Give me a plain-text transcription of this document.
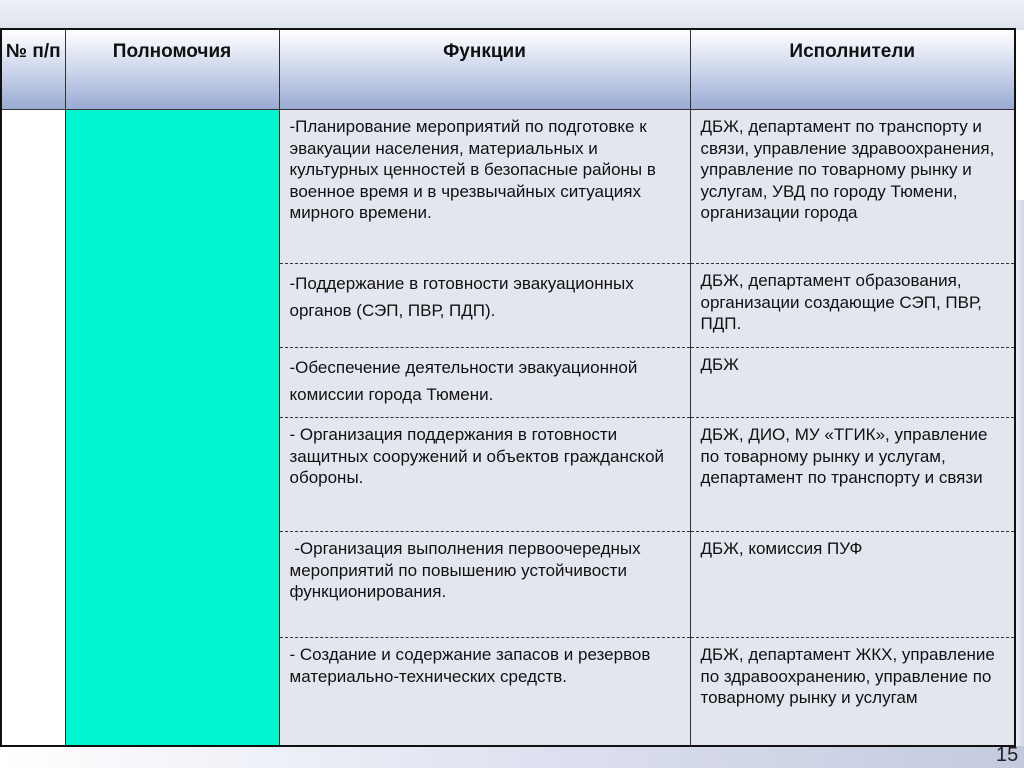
№ п/п	Полномочия	Функции	Исполнители
		-Планирование мероприятий по подготовке к эвакуации населения, материальных и культурных ценностей в безопасные районы в военное время и в чрезвычайных ситуациях мирного времени.	ДБЖ, департамент по транспорту и связи, управление здравоохранения, управление по товарному рынку и услугам, УВД по городу Тюмени, организации города
		-Поддержание в готовности эвакуационных органов (СЭП, ПВР, ПДП).	ДБЖ, департамент образования, организации создающие СЭП, ПВР, ПДП.
		-Обеспечение деятельности эвакуационной комиссии города Тюмени.	ДБЖ
		- Организация поддержания в готовности защитных сооружений и объектов гражданской обороны.	ДБЖ, ДИО, МУ «ТГИК», управление по товарному рынку и услугам, департамент по транспорту и связи
		-Организация выполнения первоочередных мероприятий по повышению устойчивости функционирования.	ДБЖ, комиссия ПУФ
		- Создание и содержание запасов и резервов материально-технических средств.	ДБЖ, департамент ЖКХ, управление по здравоохранению, управление по товарному рынку и услугам
15
